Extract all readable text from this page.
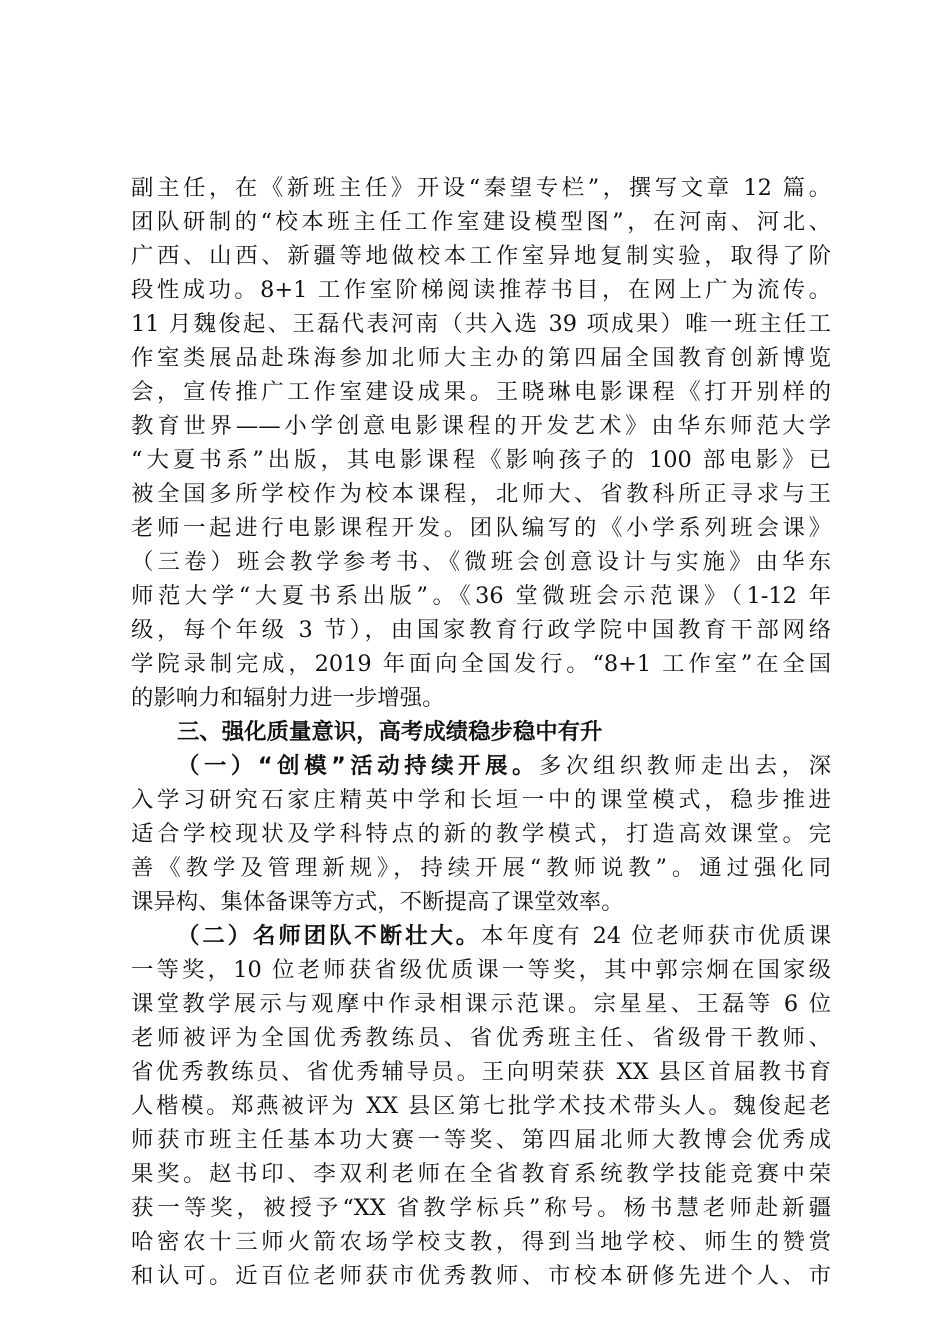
副主任，在《新班主任》开设“秦望专栏”，撰写文章 12 篇。
团队研制的“校本班主任工作室建设模型图”，在河南、河北、
广西、山西、新疆等地做校本工作室异地复制实验，取得了阶
段性成功。8+1 工作室阶梯阅读推荐书目，在网上广为流传。
11 月魏俊起、王磊代表河南（共入选 39 项成果）唯一班主任工
作室类展品赴珠海参加北师大主办的第四届全国教育创新博览
会，宣传推广工作室建设成果。王晓琳电影课程《打开别样的
教育世界——小学创意电影课程的开发艺术》由华东师范大学
“大夏书系”出版，其电影课程《影响孩子的 100 部电影》已
被全国多所学校作为校本课程，北师大、省教科所正寻求与王
老师一起进行电影课程开发。团队编写的《小学系列班会课》
（三卷）班会教学参考书、《微班会创意设计与实施》由华东
师范大学“大夏书系出版”。《36 堂微班会示范课》（1-12 年
级，每个年级 3 节），由国家教育行政学院中国教育干部网络
学院录制完成，2019 年面向全国发行。“8+1 工作室”在全国
的影响力和辐射力进一步增强。
三、强化质量意识，高考成绩稳步稳中有升
（一）“创模”活动持续开展。多次组织教师走出去，深
入学习研究石家庄精英中学和长垣一中的课堂模式，稳步推进
适合学校现状及学科特点的新的教学模式，打造高效课堂。完
善《教学及管理新规》，持续开展“教师说教”。通过强化同
课异构、集体备课等方式，不断提高了课堂效率。
（二）名师团队不断壮大。本年度有 24 位老师获市优质课
一等奖，10 位老师获省级优质课一等奖，其中郭宗炯在国家级
课堂教学展示与观摩中作录相课示范课。宗星星、王磊等 6 位
老师被评为全国优秀教练员、省优秀班主任、省级骨干教师、
省优秀教练员、省优秀辅导员。王向明荣获 XX 县区首届教书育
人楷模。郑燕被评为 XX 县区第七批学术技术带头人。魏俊起老
师获市班主任基本功大赛一等奖、第四届北师大教博会优秀成
果奖。赵书印、李双利老师在全省教育系统教学技能竞赛中荣
获一等奖，被授予“XX 省教学标兵”称号。杨书慧老师赴新疆
哈密农十三师火箭农场学校支教，得到当地学校、师生的赞赏
和认可。近百位老师获市优秀教师、市校本研修先进个人、市
